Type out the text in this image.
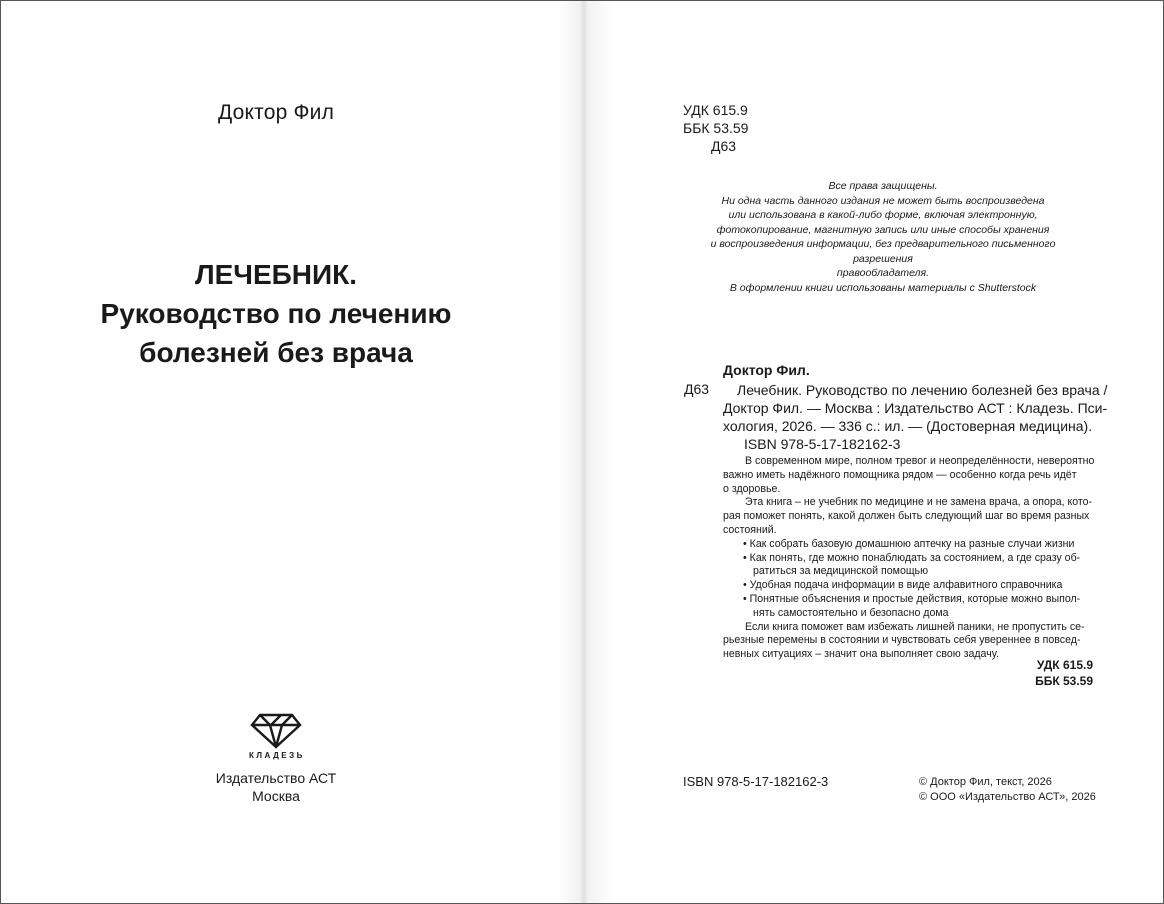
Доктор Фил
ЛЕЧЕБНИК.
Руководство по лечению
болезней без врача
КЛАДЕЗЬ
Издательство АСТ
Москва
УДК 615.9
ББК 53.59
Д63
Все права защищены.
Ни одна часть данного издания не может быть воспроизведена
или использована в какой-либо форме, включая электронную,
фотокопирование, магнитную запись или иные способы хранения
и воспроизведения информации, без предварительного письменного разрешения
правообладателя.
В оформлении книги использованы материалы с Shutterstock
Доктор Фил.
Д63	Лечебник. Руководство по лечению болезней без врача /
Доктор Фил. — Москва : Издательство АСТ : Кладезь. Пси-
хология, 2026. — 336 с.: ил. — (Достоверная медицина).
ISBN 978-5-17-182162-3
В современном мире, полном тревог и неопределённости, невероятно
важно иметь надёжного помощника рядом — особенно когда речь идёт
о здоровье.
Эта книга – не учебник по медицине и не замена врача, а опора, кото-
рая поможет понять, какой должен быть следующий шаг во время разных
состояний.
• Как собрать базовую домашнюю аптечку на разные случаи жизни
• Как понять, где можно понаблюдать за состоянием, а где сразу об-
ратиться за медицинской помощью
• Удобная подача информации в виде алфавитного справочника
• Понятные объяснения и простые действия, которые можно выпол-
нять самостоятельно и безопасно дома
Если книга поможет вам избежать лишней паники, не пропустить се-
рьезные перемены в состоянии и чувствовать себя увереннее в повсед-
невных ситуациях – значит она выполняет свою задачу.
УДК 615.9
ББК 53.59
ISBN 978-5-17-182162-3	© Доктор Фил, текст, 2026
© ООО «Издательство АСТ», 2026
